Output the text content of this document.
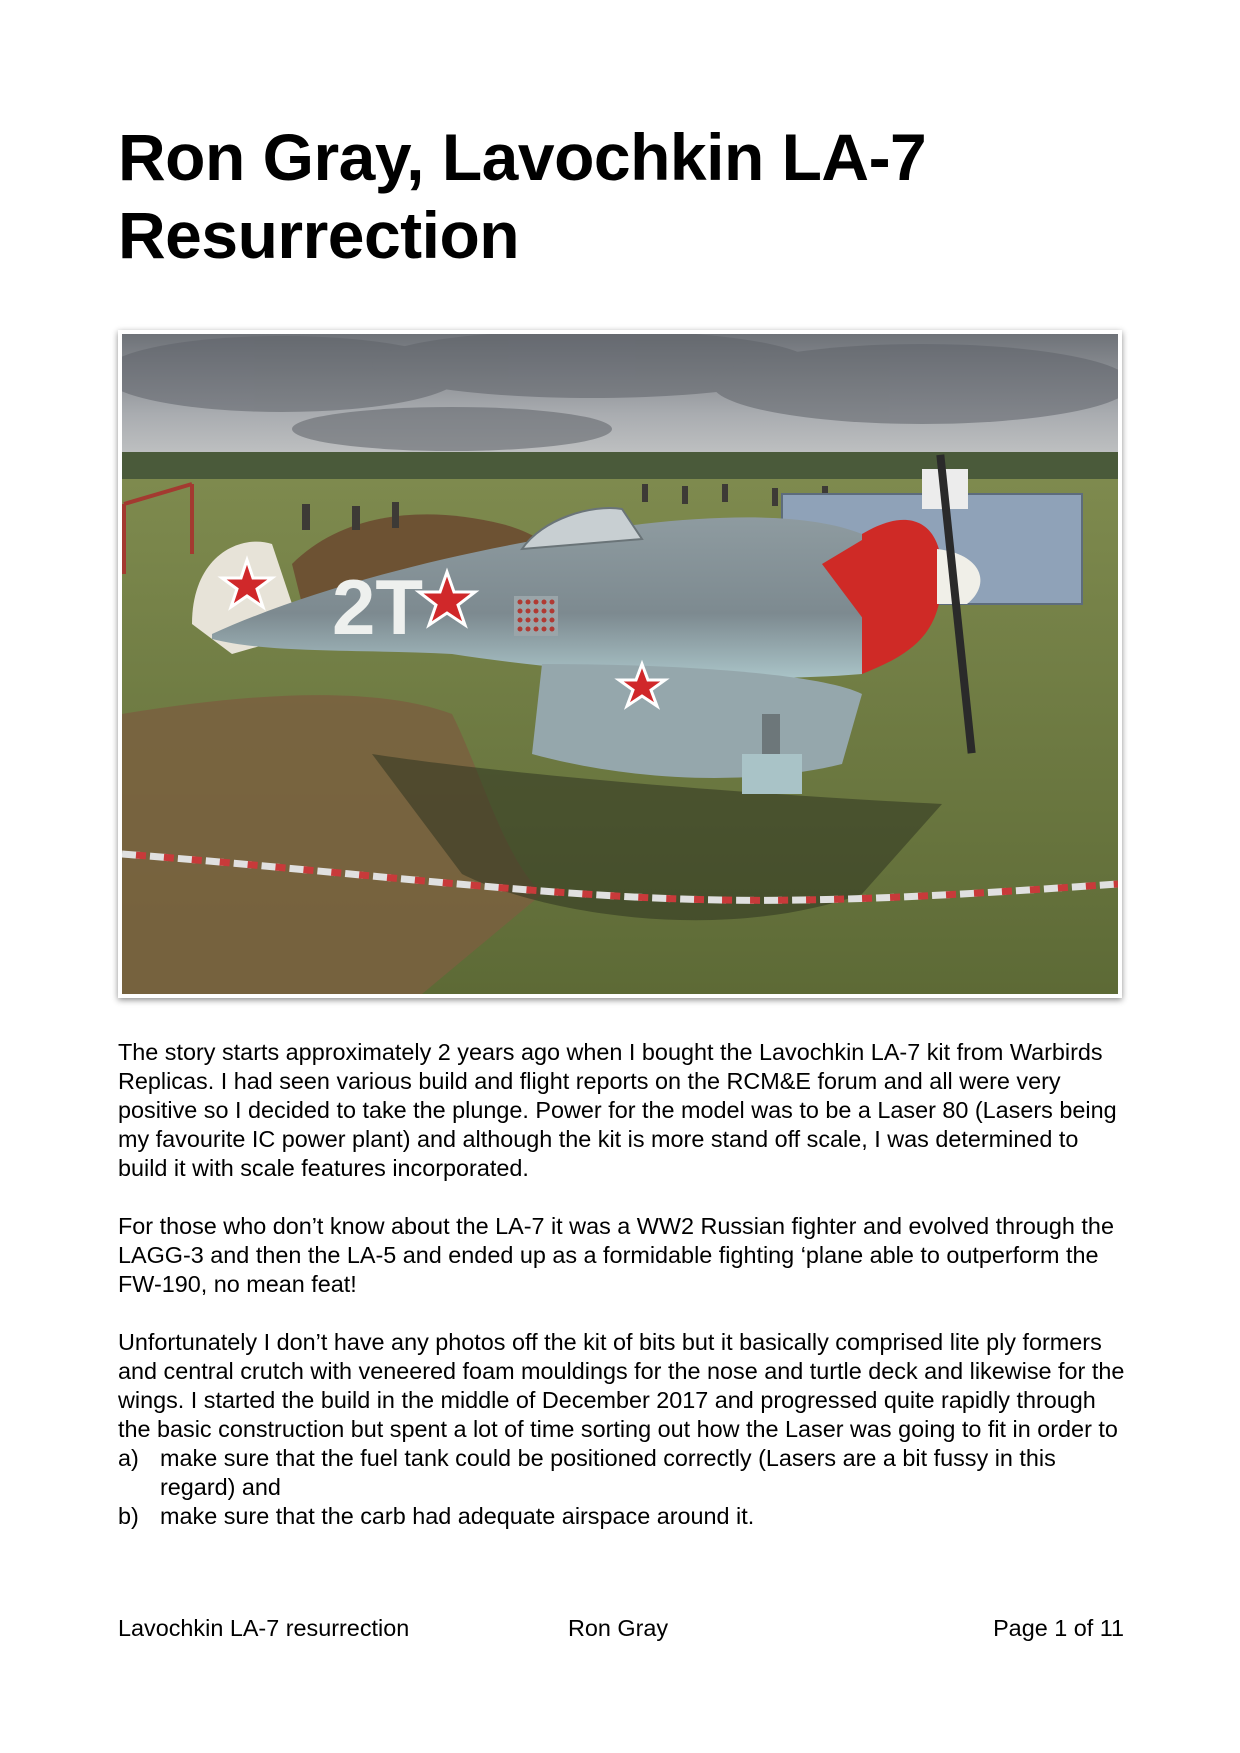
Ron Gray, Lavochkin LA-7
Resurrection
2T

The story starts approximately 2 years ago when I bought the Lavochkin LA-7 kit from Warbirds Replicas. I had seen various build and flight reports on the RCM&E forum and all were very positive so I decided to take the plunge. Power for the model was to be a Laser 80 (Lasers being my favourite IC power plant) and although the kit is more stand off scale, I was determined to build it with scale features incorporated.

For those who don’t know about the LA-7 it was a WW2 Russian fighter and evolved through the LAGG-3 and then the LA-5 and ended up as a formidable fighting ‘plane able to outperform the FW-190, no mean feat!

Unfortunately I don’t have any photos off the kit of bits but it basically comprised lite ply formers and central crutch with veneered foam mouldings for the nose and turtle deck and likewise for the wings. I started the build in the middle of December 2017 and progressed quite rapidly through the basic construction but spent a lot of time sorting out how the Laser was going to fit in order to

a) make sure that the fuel tank could be positioned correctly (Lasers are a bit fussy in this regard) and
b) make sure that the carb had adequate airspace around it.
Lavochkin LA-7 resurrection	Ron Gray	Page 1 of 11
